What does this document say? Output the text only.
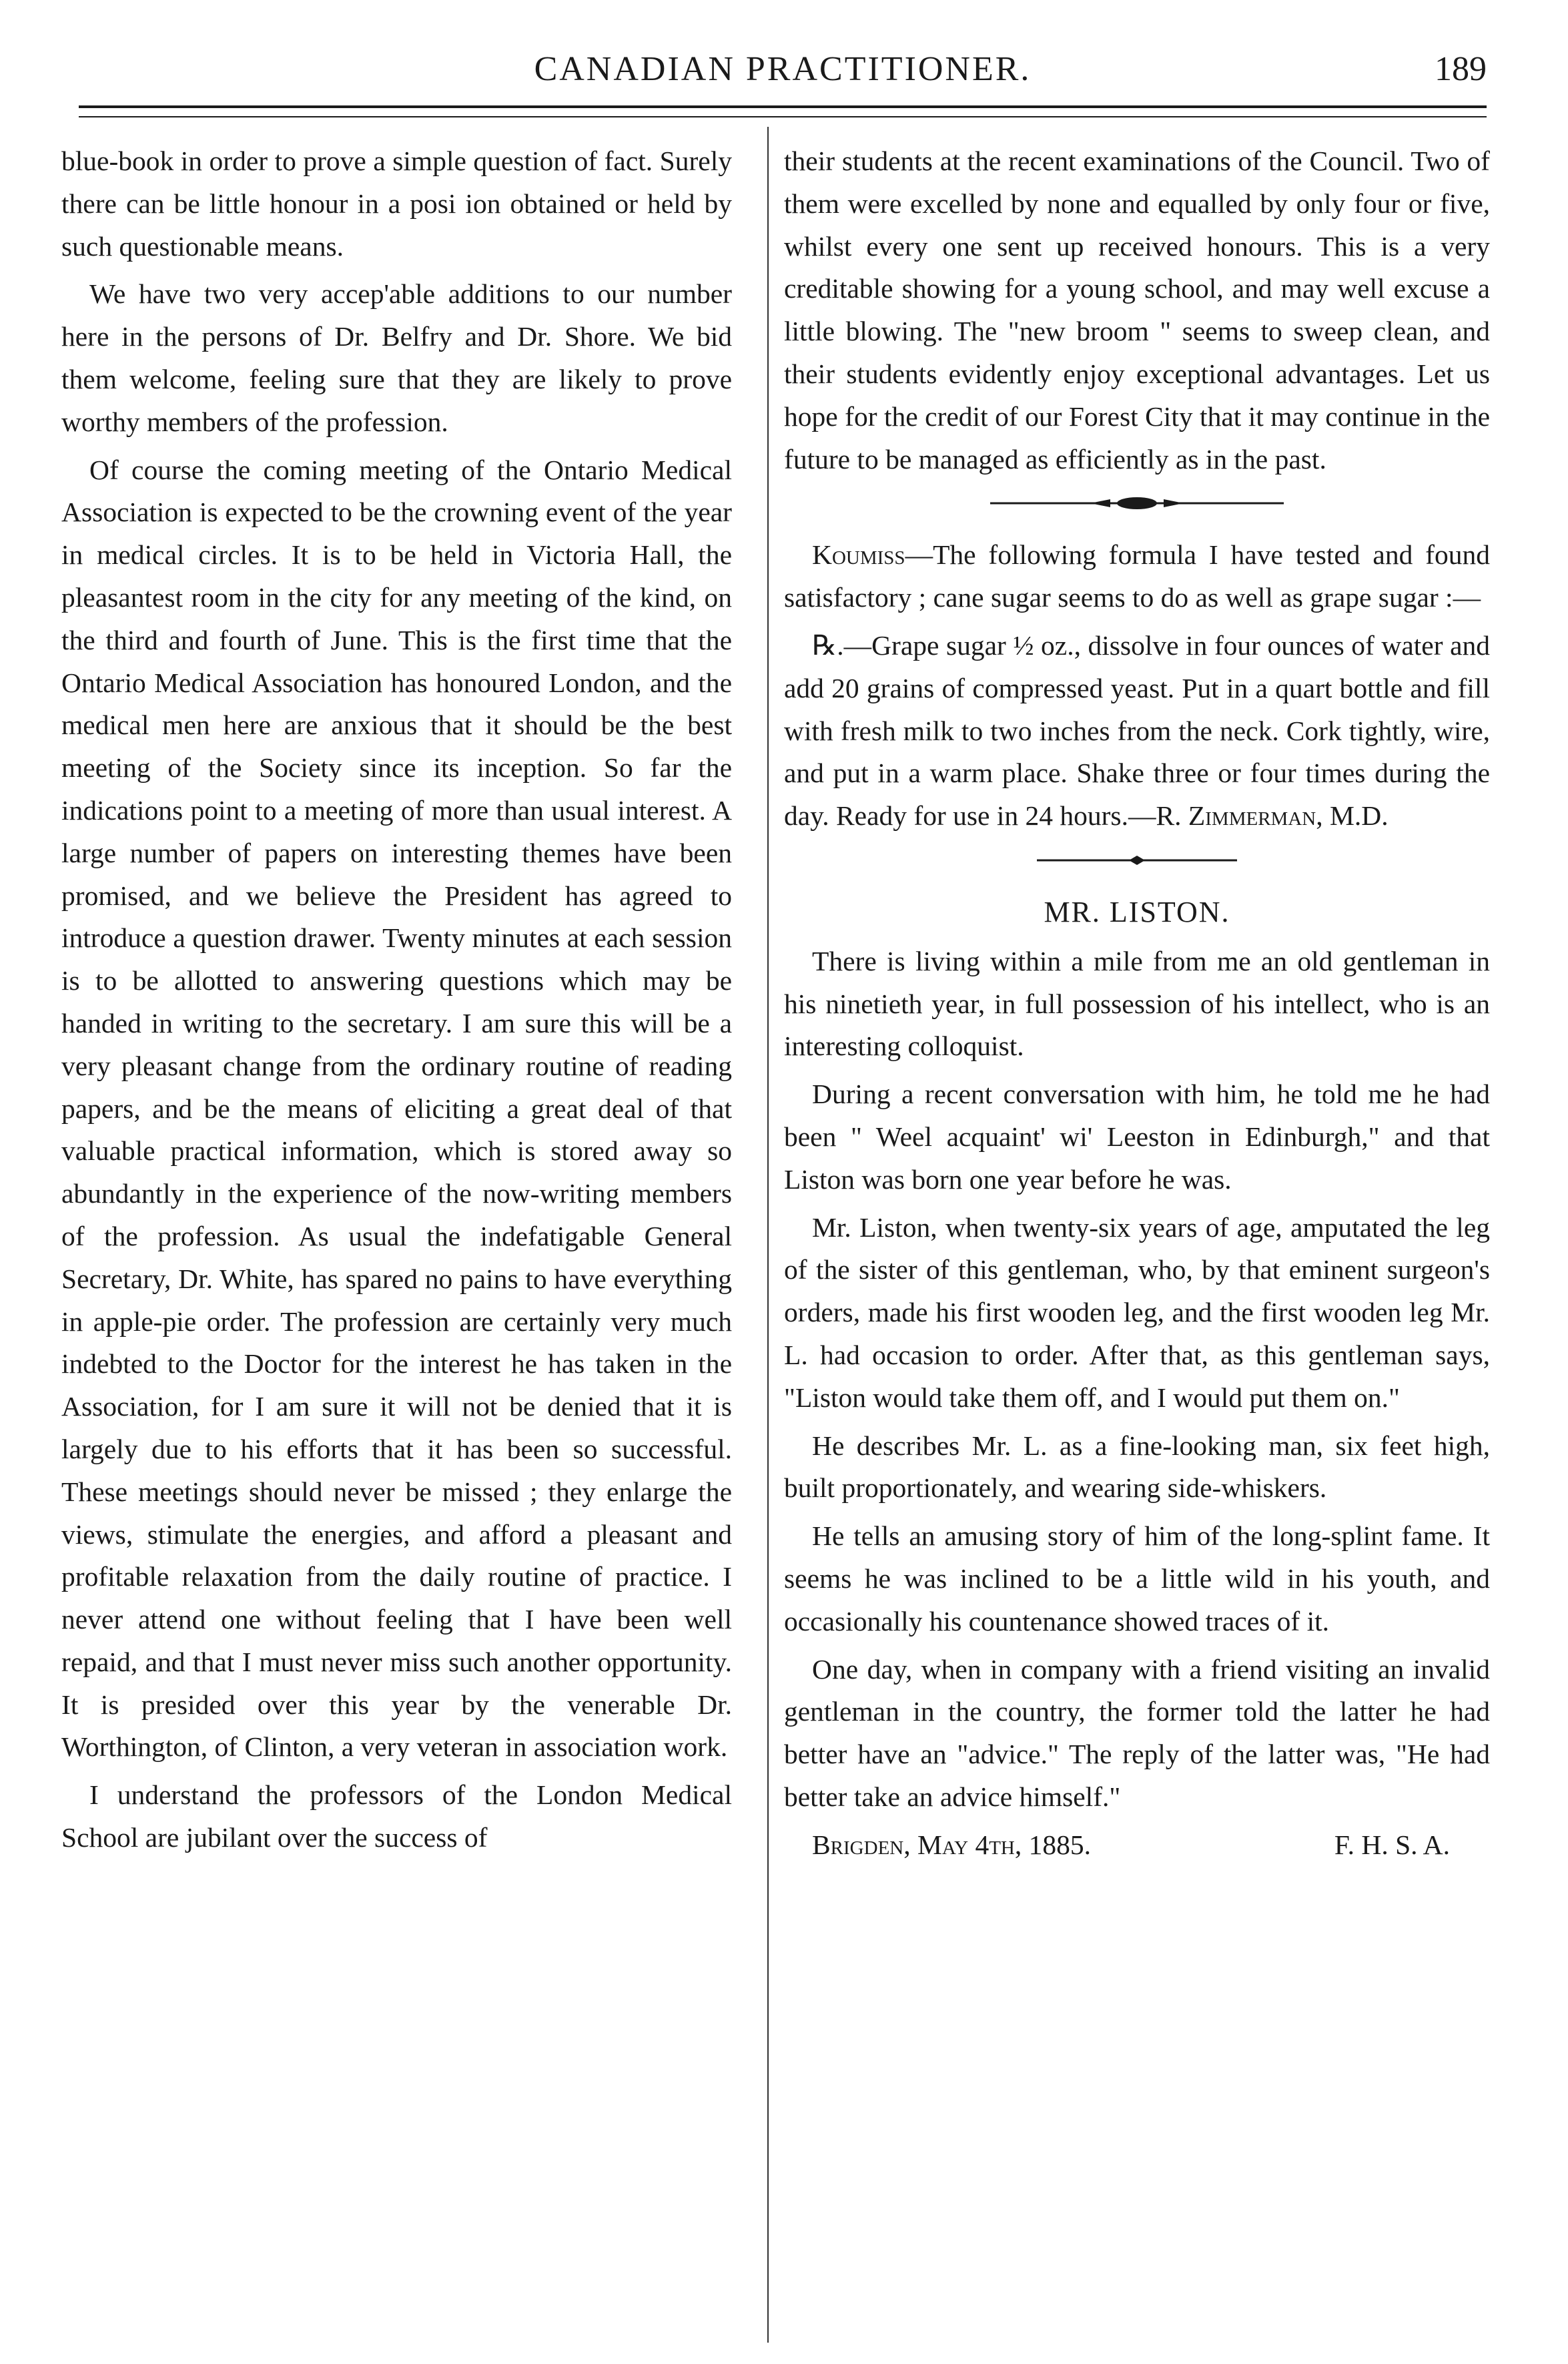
CANADIAN PRACTITIONER.	189

blue-book in order to prove a simple question of fact. Surely there can be little honour in a posi ion obtained or held by such questionable means.

We have two very accep'able additions to our number here in the persons of Dr. Belfry and Dr. Shore. We bid them welcome, feeling sure that they are likely to prove worthy members of the profession.

Of course the coming meeting of the Ontario Medical Association is expected to be the crowning event of the year in medical circles. It is to be held in Victoria Hall, the pleasantest room in the city for any meeting of the kind, on the third and fourth of June. This is the first time that the Ontario Medical Association has honoured London, and the medical men here are anxious that it should be the best meeting of the Society since its inception. So far the indications point to a meeting of more than usual interest. A large number of papers on interesting themes have been promised, and we believe the President has agreed to introduce a question drawer. Twenty minutes at each session is to be allotted to answering questions which may be handed in writing to the secretary. I am sure this will be a very pleasant change from the ordinary routine of reading papers, and be the means of eliciting a great deal of that valuable practical information, which is stored away so abundantly in the experience of the now-writing members of the profession. As usual the indefatigable General Secretary, Dr. White, has spared no pains to have everything in apple-pie order. The profession are certainly very much indebted to the Doctor for the interest he has taken in the Association, for I am sure it will not be denied that it is largely due to his efforts that it has been so successful. These meetings should never be missed ; they enlarge the views, stimulate the energies, and afford a pleasant and profitable relaxation from the daily routine of practice. I never attend one without feeling that I have been well repaid, and that I must never miss such another opportunity. It is presided over this year by the venerable Dr. Worthington, of Clinton, a very veteran in association work.

I understand the professors of the London Medical School are jubilant over the success of

their students at the recent examinations of the Council. Two of them were excelled by none and equalled by only four or five, whilst every one sent up received honours. This is a very creditable showing for a young school, and may well excuse a little blowing. The "new broom " seems to sweep clean, and their students evidently enjoy exceptional advantages. Let us hope for the credit of our Forest City that it may continue in the future to be managed as efficiently as in the past.

Koumiss—The following formula I have tested and found satisfactory ; cane sugar seems to do as well as grape sugar :—

℞.—Grape sugar ½ oz., dissolve in four ounces of water and add 20 grains of compressed yeast. Put in a quart bottle and fill with fresh milk to two inches from the neck. Cork tightly, wire, and put in a warm place. Shake three or four times during the day. Ready for use in 24 hours.—R. Zimmerman, M.D.

MR. LISTON.

There is living within a mile from me an old gentleman in his ninetieth year, in full possession of his intellect, who is an interesting colloquist.

During a recent conversation with him, he told me he had been " Weel acquaint' wi' Leeston in Edinburgh," and that Liston was born one year before he was.

Mr. Liston, when twenty-six years of age, amputated the leg of the sister of this gentleman, who, by that eminent surgeon's orders, made his first wooden leg, and the first wooden leg Mr. L. had occasion to order. After that, as this gentleman says, "Liston would take them off, and I would put them on."

He describes Mr. L. as a fine-looking man, six feet high, built proportionately, and wearing side-whiskers.

He tells an amusing story of him of the long-splint fame. It seems he was inclined to be a little wild in his youth, and occasionally his countenance showed traces of it.

One day, when in company with a friend visiting an invalid gentleman in the country, the former told the latter he had better have an "advice." The reply of the latter was, "He had better take an advice himself."

Brigden, May 4th, 1885.	F. H. S. A.
